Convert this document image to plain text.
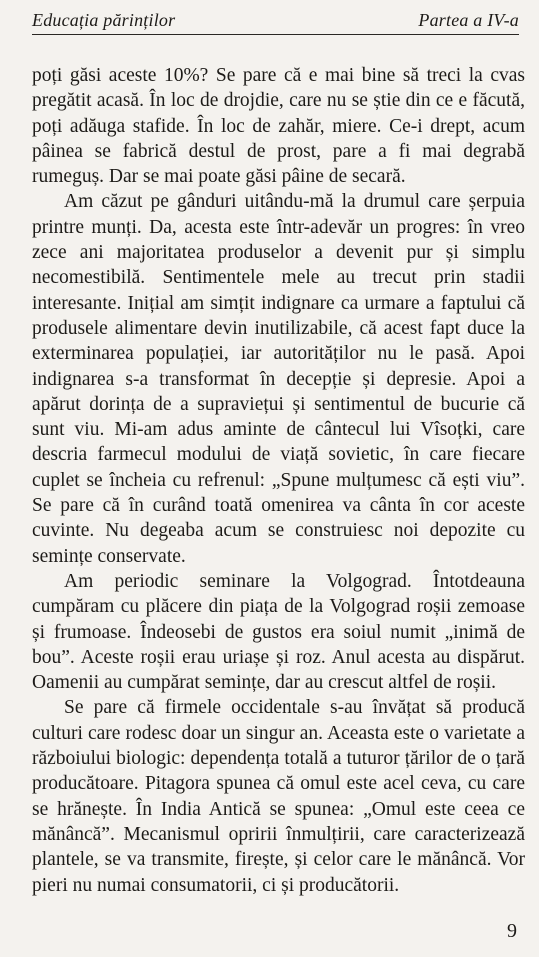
Educația părinților	Partea a IV-a

poți găsi aceste 10%? Se pare că e mai bine să treci la cvas pregătit acasă. În loc de drojdie, care nu se știe din ce e făcută, poți adăuga stafide. În loc de zahăr, miere. Ce-i drept, acum pâinea se fabrică destul de prost, pare a fi mai degrabă rumeguș. Dar se mai poate găsi pâine de secară.

Am căzut pe gânduri uitându-mă la drumul care șerpuia printre munți. Da, acesta este într-adevăr un progres: în vreo zece ani majoritatea produselor a devenit pur și simplu necomestibilă. Sentimentele mele au trecut prin stadii interesante. Inițial am simțit indignare ca urmare a faptului că produsele alimentare devin inutilizabile, că acest fapt duce la exterminarea populației, iar autorităților nu le pasă. Apoi indignarea s-a transformat în decepție și depresie. Apoi a apărut dorința de a supraviețui și sentimentul de bucurie că sunt viu. Mi-am adus aminte de cântecul lui Vîsoțki, care descria farmecul modului de viață sovietic, în care fiecare cuplet se încheia cu refrenul: „Spune mulțumesc că ești viu”. Se pare că în curând toată omenirea va cânta în cor aceste cuvinte. Nu degeaba acum se construiesc noi depozite cu semințe conservate.

Am periodic seminare la Volgograd. Întotdeauna cumpăram cu plăcere din piața de la Volgograd roșii zemoase și frumoase. Îndeosebi de gustos era soiul numit „inimă de bou”. Aceste roșii erau uriașe și roz. Anul acesta au dispărut. Oamenii au cumpărat semințe, dar au crescut altfel de roșii.

Se pare că firmele occidentale s-au învățat să producă culturi care rodesc doar un singur an. Aceasta este o varietate a războiului biologic: dependența totală a tuturor țărilor de o țară producătoare. Pitagora spunea că omul este acel ceva, cu care se hrănește. În India Antică se spunea: „Omul este ceea ce mănâncă”. Mecanismul opririi înmulțirii, care caracterizează plantele, se va transmite, firește, și celor care le mănâncă. Vor pieri nu numai consumatorii, ci și producătorii.

9
